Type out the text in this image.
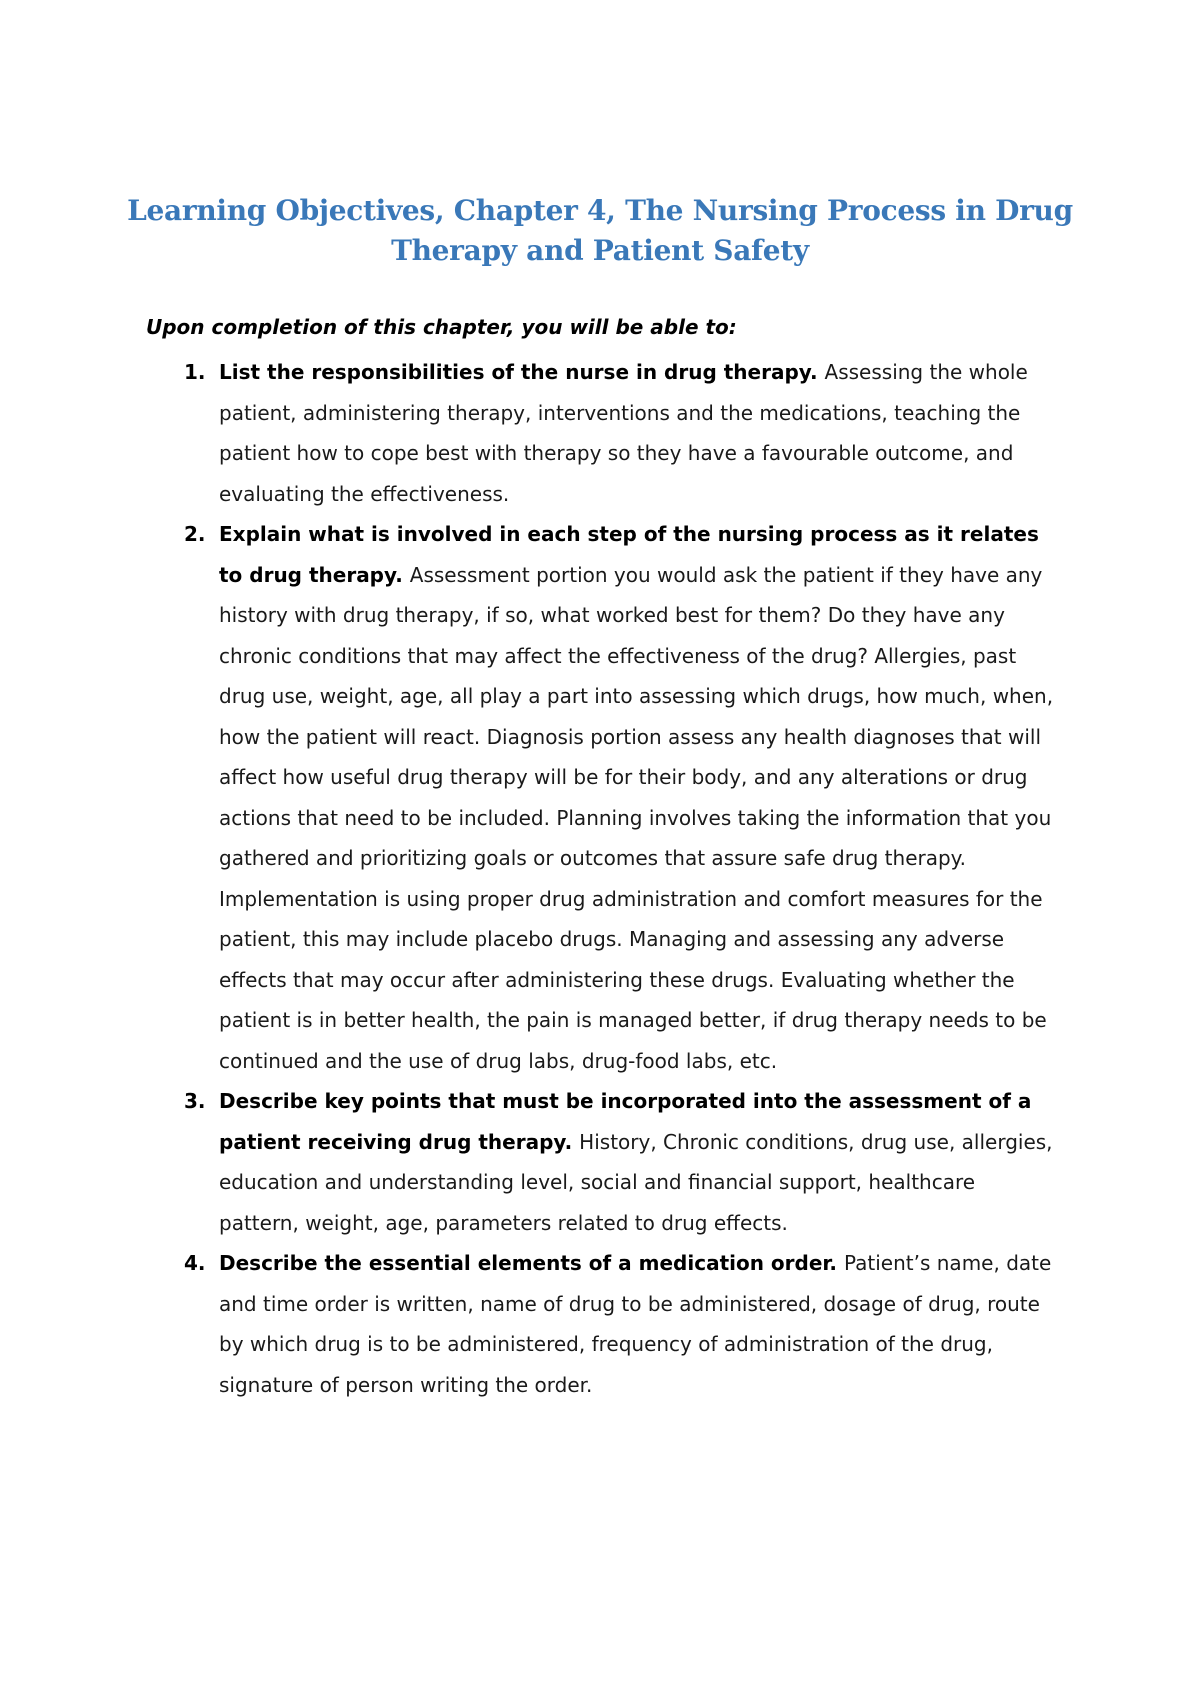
Learning Objectives, Chapter 4, The Nursing Process in Drug Therapy and Patient Safety

Upon completion of this chapter, you will be able to:

1. List the responsibilities of the nurse in drug therapy. Assessing the whole patient, administering therapy, interventions and the medications, teaching the patient how to cope best with therapy so they have a favourable outcome, and evaluating the effectiveness.
2. Explain what is involved in each step of the nursing process as it relates to drug therapy. Assessment portion you would ask the patient if they have any history with drug therapy, if so, what worked best for them? Do they have any chronic conditions that may affect the effectiveness of the drug? Allergies, past drug use, weight, age, all play a part into assessing which drugs, how much, when, how the patient will react. Diagnosis portion assess any health diagnoses that will affect how useful drug therapy will be for their body, and any alterations or drug actions that need to be included. Planning involves taking the information that you gathered and prioritizing goals or outcomes that assure safe drug therapy. Implementation is using proper drug administration and comfort measures for the patient, this may include placebo drugs. Managing and assessing any adverse effects that may occur after administering these drugs. Evaluating whether the patient is in better health, the pain is managed better, if drug therapy needs to be continued and the use of drug labs, drug-food labs, etc.
3. Describe key points that must be incorporated into the assessment of a patient receiving drug therapy. History, Chronic conditions, drug use, allergies, education and understanding level, social and financial support, healthcare pattern, weight, age, parameters related to drug effects.
4. Describe the essential elements of a medication order. Patient’s name, date and time order is written, name of drug to be administered, dosage of drug, route by which drug is to be administered, frequency of administration of the drug, signature of person writing the order.
